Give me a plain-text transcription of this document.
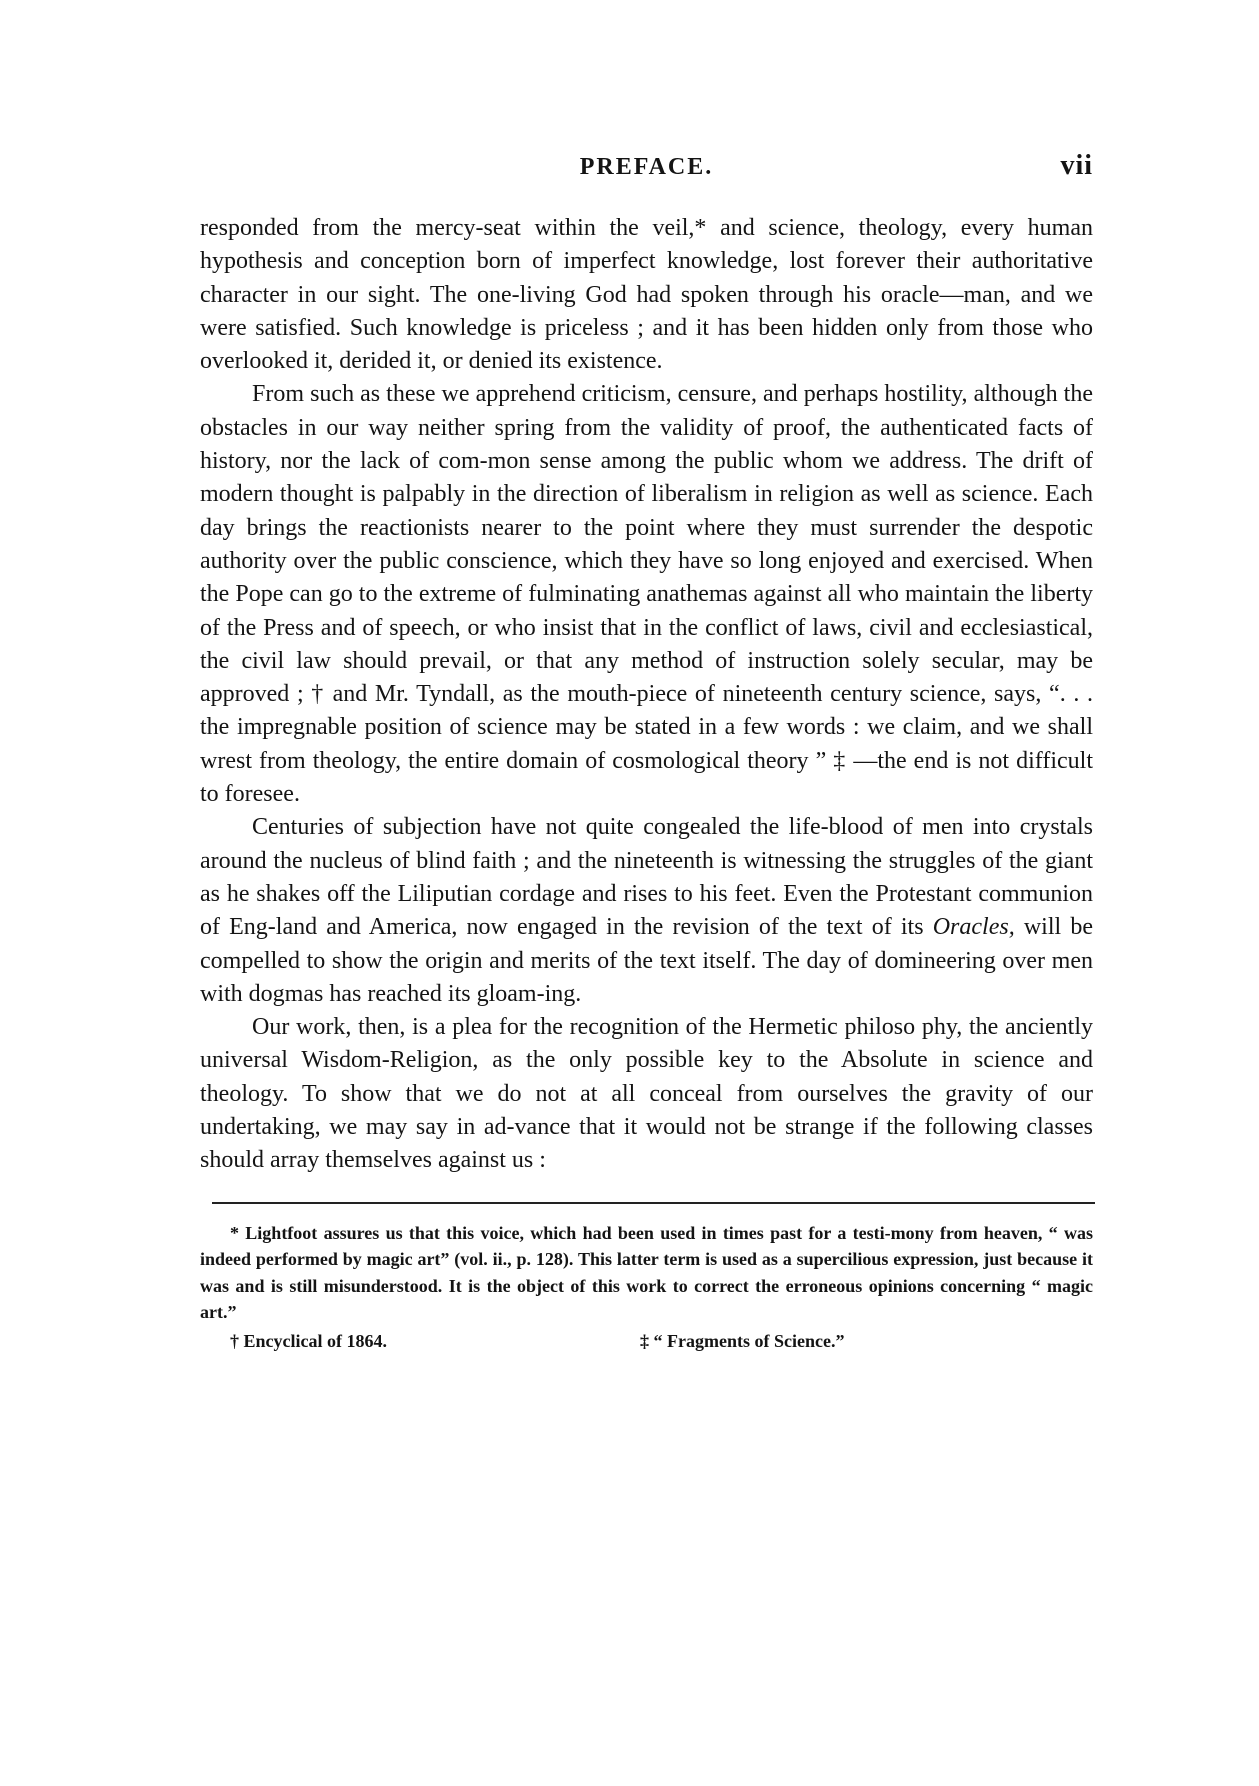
PREFACE.	vii

responded from the mercy-seat within the veil,* and science, theology, every human hypothesis and conception born of imperfect knowledge, lost forever their authoritative character in our sight. The one-living God had spoken through his oracle—man, and we were satisfied. Such knowledge is priceless ; and it has been hidden only from those who overlooked it, derided it, or denied its existence.

From such as these we apprehend criticism, censure, and perhaps hostility, although the obstacles in our way neither spring from the validity of proof, the authenticated facts of history, nor the lack of com-mon sense among the public whom we address. The drift of modern thought is palpably in the direction of liberalism in religion as well as science. Each day brings the reactionists nearer to the point where they must surrender the despotic authority over the public conscience, which they have so long enjoyed and exercised. When the Pope can go to the extreme of fulminating anathemas against all who maintain the liberty of the Press and of speech, or who insist that in the conflict of laws, civil and ecclesiastical, the civil law should prevail, or that any method of instruction solely secular, may be approved ; † and Mr. Tyndall, as the mouth-piece of nineteenth century science, says, “. . . the impregnable position of science may be stated in a few words : we claim, and we shall wrest from theology, the entire domain of cosmological theory ” ‡ —the end is not difficult to foresee.

Centuries of subjection have not quite congealed the life-blood of men into crystals around the nucleus of blind faith ; and the nineteenth is witnessing the struggles of the giant as he shakes off the Liliputian cordage and rises to his feet. Even the Protestant communion of Eng-land and America, now engaged in the revision of the text of its Oracles, will be compelled to show the origin and merits of the text itself. The day of domineering over men with dogmas has reached its gloam-ing.

Our work, then, is a plea for the recognition of the Hermetic philoso phy, the anciently universal Wisdom-Religion, as the only possible key to the Absolute in science and theology. To show that we do not at all conceal from ourselves the gravity of our undertaking, we may say in ad-vance that it would not be strange if the following classes should array themselves against us :

* Lightfoot assures us that this voice, which had been used in times past for a testi-mony from heaven, “ was indeed performed by magic art” (vol. ii., p. 128). This latter term is used as a supercilious expression, just because it was and is still misunderstood. It is the object of this work to correct the erroneous opinions concerning “ magic art.”

† Encyclical of 1864.	‡ “ Fragments of Science.”
